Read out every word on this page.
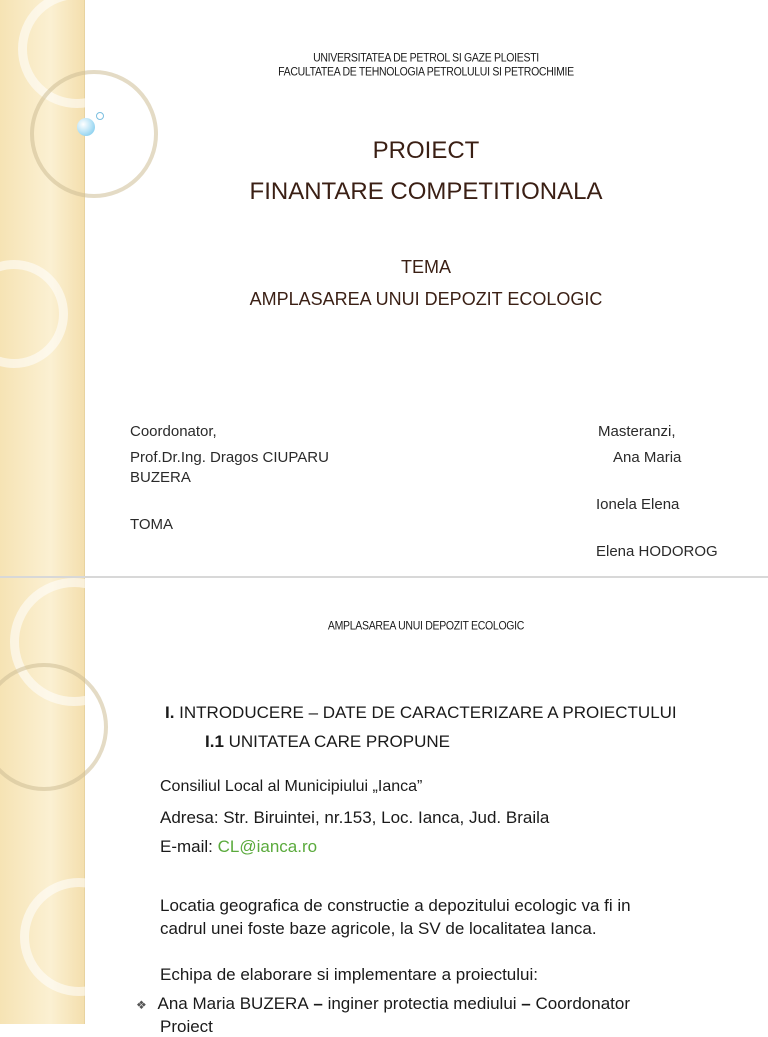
UNIVERSITATEA DE PETROL SI GAZE PLOIESTI
FACULTATEA DE TEHNOLOGIA PETROLULUI SI PETROCHIMIE
PROIECT
FINANTARE COMPETITIONALA
TEMA
AMPLASAREA UNUI DEPOZIT ECOLOGIC
Coordonator,
Prof.Dr.Ing. Dragos CIUPARU
BUZERA
TOMA
Masteranzi,
Ana Maria
Ionela Elena
Elena HODOROG
AMPLASAREA UNUI DEPOZIT ECOLOGIC
I. INTRODUCERE – DATE DE CARACTERIZARE A PROIECTULUI
I.1 UNITATEA CARE PROPUNE
Consiliul Local al Municipiului „Ianca”
Adresa: Str. Biruintei, nr.153, Loc. Ianca, Jud. Braila
E-mail: CL@ianca.ro
Locatia geografica de constructie a depozitului ecologic va fi in
cadrul unei foste baze agricole, la SV de localitatea Ianca.
Echipa de elaborare si implementare a proiectului:
❖ Ana Maria BUZERA – inginer protectia mediului – Coordonator
Proiect
